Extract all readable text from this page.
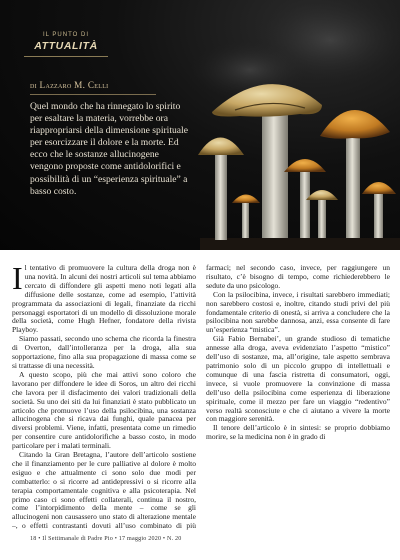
IL PUNTO DI
ATTUALITÀ
di Lazzaro M. Celli

Quel mondo che ha rinnegato lo spirito per esaltare la materia, vorrebbe ora riappropriarsi della dimensione spirituale per esorcizzare il dolore e la morte. Ed ecco che le sostanze allucinogene vengono proposte come antidolorifici e possibilità di un “esperienza spirituale” a basso costo.

Il tentativo di promuovere la cultura della droga non è una novità. In alcuni dei nostri articoli sul tema abbiamo cercato di diffondere gli aspetti meno noti legati alla diffusione delle sostanze, come ad esempio, l’attività programmata da associazioni di legali, finanziate da ricchi personaggi esportatori di un modello di dissoluzione morale della società, come Hugh Hefner, fondatore della rivista Playboy.

Siamo passati, secondo uno schema che ricorda la finestra di Overton, dall’intolleranza per la droga, alla sua sopportazione, fino alla sua propagazione di massa come se si trattasse di una necessità.

A questo scopo, più che mai attivi sono coloro che lavorano per diffondere le idee di Soros, un altro dei ricchi che lavora per il disfacimento dei valori tradizionali della società. Su uno dei siti da lui finanziati è stato pubblicato un articolo che promuove l’uso della psilocibina, una sostanza allucinogena che si ricava dai funghi, quale panacea per diversi problemi. Viene, infatti, presentata come un rimedio per consentire cure antidolorifiche a basso costo, in modo particolare per i malati terminali.

Citando la Gran Bretagna, l’autore dell’articolo sostiene che il finanziamento per le cure palliative al dolore è molto esiguo e che attualmente ci sono solo due modi per combatterlo: o si ricorre ad antidepressivi o si ricorre alla terapia comportamentale cognitiva e alla psicoterapia. Nel primo caso ci sono effetti collaterali, continua il nostro, come l’intorpidimento della mente – come se gli allucinogeni non causassero uno stato di alterazione mentale –, o effetti contrastanti dovuti all’uso combinato di più farmaci; nel secondo caso, invece, per raggiungere un risultato, c’è bisogno di tempo, come richiederebbero le sedute da uno psicologo.

Con la psilocibina, invece, i risultati sarebbero immediati; non sarebbero costosi e, inoltre, citando studi privi del più fondamentale criterio di onestà, si arriva a concludere che la psilocibina non sarebbe dannosa, anzi, essa consente di fare un’esperienza “mistica”.

Già Fabio Bernabei’, un grande studioso di tematiche annesse alla droga, aveva evidenziato l’aspetto “mistico” dell’uso di sostanze, ma, all’origine, tale aspetto sembrava patrimonio solo di un piccolo gruppo di intellettuali e comunque di una fascia ristretta di consumatori, oggi, invece, si vuole promuovere la convinzione di massa dell’uso della psilocibina come esperienza di liberazione spirituale, come il mezzo per fare un viaggio “redentivo” verso realtà sconosciute e che ci aiutano a vivere la morte con maggiore serenità.

Il tenore dell’articolo è in sintesi: se proprio dobbiamo morire, se la medicina non è in grado di

18 • Il Settimanale di Padre Pio • 17 maggio 2020 • N. 20
